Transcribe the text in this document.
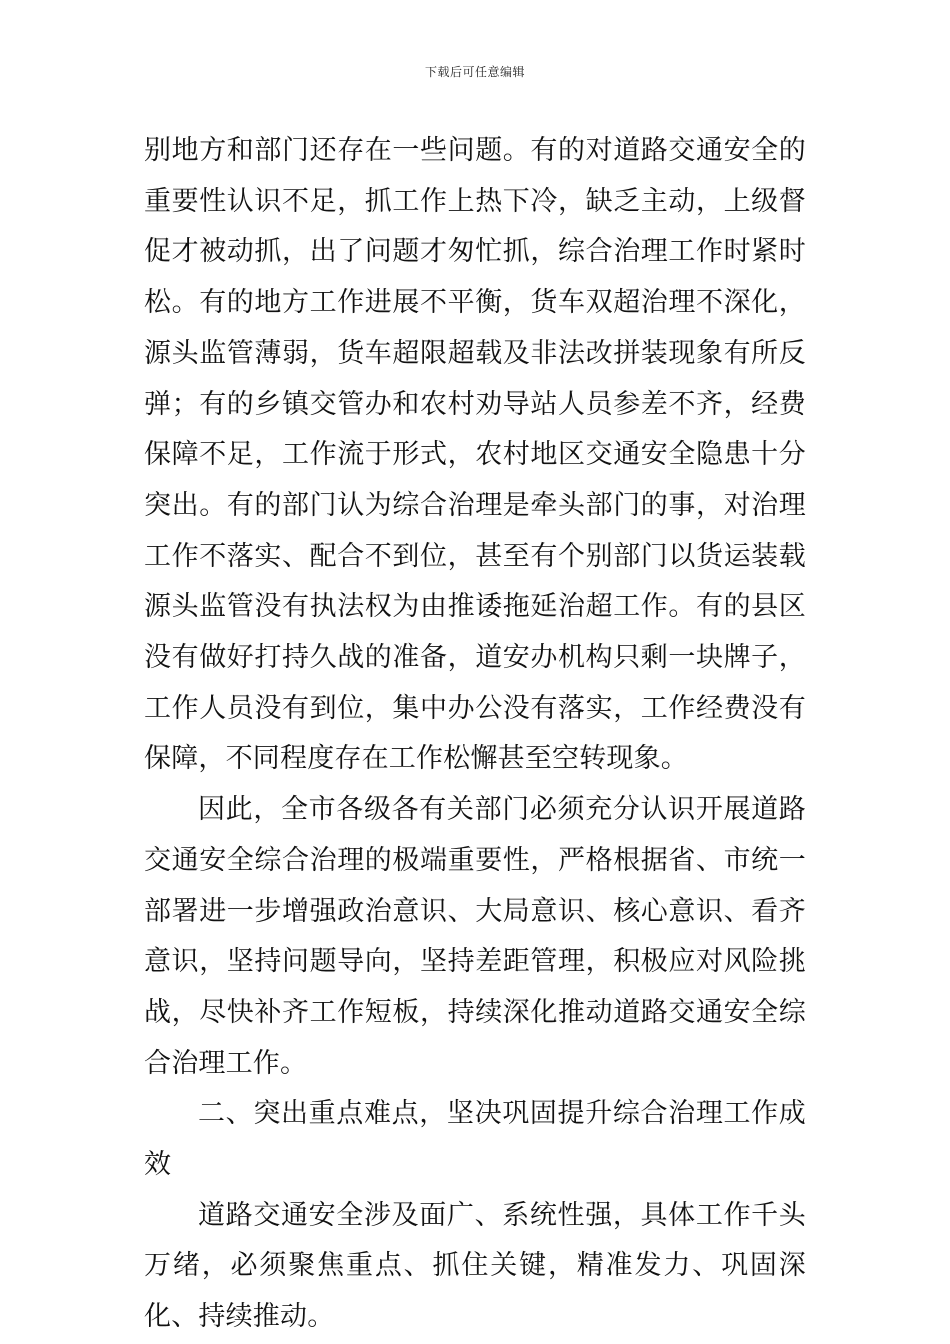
下载后可任意编辑

别地方和部门还存在一些问题。有的对道路交通安全的重要性认识不足，抓工作上热下冷，缺乏主动，上级督促才被动抓，出了问题才匆忙抓，综合治理工作时紧时松。有的地方工作进展不平衡，货车双超治理不深化，源头监管薄弱，货车超限超载及非法改拼装现象有所反弹；有的乡镇交管办和农村劝导站人员参差不齐，经费保障不足，工作流于形式，农村地区交通安全隐患十分突出。有的部门认为综合治理是牵头部门的事，对治理工作不落实、配合不到位，甚至有个别部门以货运装载源头监管没有执法权为由推诿拖延治超工作。有的县区没有做好打持久战的准备，道安办机构只剩一块牌子，工作人员没有到位，集中办公没有落实，工作经费没有保障，不同程度存在工作松懈甚至空转现象。

因此，全市各级各有关部门必须充分认识开展道路交通安全综合治理的极端重要性，严格根据省、市统一部署进一步增强政治意识、大局意识、核心意识、看齐意识，坚持问题导向，坚持差距管理，积极应对风险挑战，尽快补齐工作短板，持续深化推动道路交通安全综合治理工作。

二、突出重点难点，坚决巩固提升综合治理工作成效

道路交通安全涉及面广、系统性强，具体工作千头万绪，必须聚焦重点、抓住关键，精准发力、巩固深化、持续推动。
